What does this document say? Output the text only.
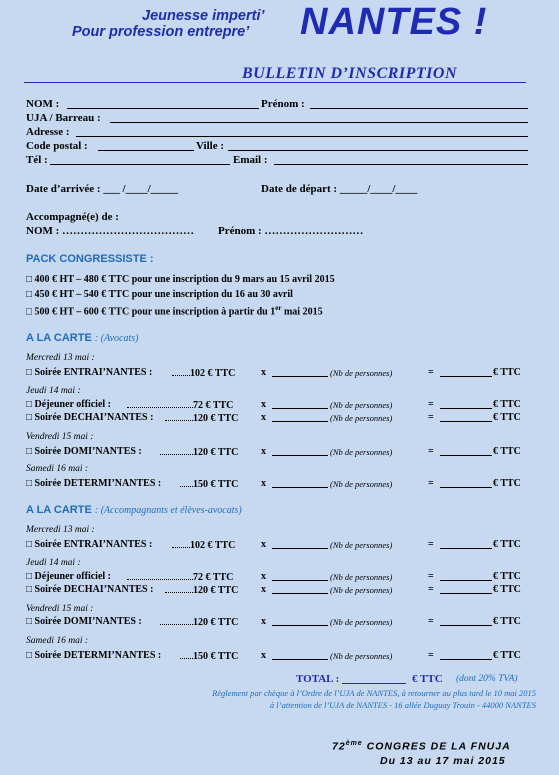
Jeunesse imperti’
Pour profession entrepre’ NANTES !
BULLETIN D’INSCRIPTION
NOM :	Prénom :
UJA / Barreau :
Adresse :
Code postal :	Ville :
Tél :	Email :
Date d’arrivée : ___ /____/_____	Date de départ : _____/____/____
Accompagné(e) de :
NOM : ……………………………… Prénom : ………………………
PACK CONGRESSISTE :
□ 400 € HT – 480 € TTC pour une inscription du 9 mars au 15 avril 2015
□ 450 € HT – 540 € TTC pour une inscription du 16 au 30 avril
□ 500 € HT – 600 € TTC pour une inscription à partir du 1er mai 2015
A LA CARTE : (Avocats)
Mercredi 13 mai :
□ Soirée ENTRAI’NANTES :	102 € TTC	x	(Nb de personnes)	=	€ TTC
Jeudi 14 mai :
□ Déjeuner officiel :	72 € TTC	x	(Nb de personnes)	=	€ TTC
□ Soirée DECHAI’NANTES :	120 € TTC x	(Nb de personnes)	=	€ TTC
Vendredi 15 mai :
□ Soirée DOMI’NANTES :	120 € TTC x	(Nb de personnes)	=	€ TTC
Samedi 16 mai :
□ Soirée DETERMI’NANTES :	150 € TTC x	(Nb de personnes)	=	€ TTC
A LA CARTE : (Accompagnants et élèves-avocats)
Mercredi 13 mai :
□ Soirée ENTRAI’NANTES :	102 € TTC	x	(Nb de personnes)	=	€ TTC
Jeudi 14 mai :
□ Déjeuner officiel :	72 € TTC	x	(Nb de personnes)	=	€ TTC
□ Soirée DECHAI’NANTES :	120 € TTC x	(Nb de personnes)	=	€ TTC
Vendredi 15 mai :
□ Soirée DOMI’NANTES :	120 € TTC x	(Nb de personnes)	=	€ TTC
Samedi 16 mai :
□ Soirée DETERMI’NANTES :	150 € TTC x	(Nb de personnes)	=	€ TTC
TOTAL :	€ TTC (dont 20% TVA)
Règlement par chèque à l’Ordre de l’UJA de NANTES, à retourner au plus tard le 10 mai 2015
à l’attention de l’UJA de NANTES - 16 allée Duguay Trouin - 44000 NANTES
72ème CONGRES DE LA FNUJA
Du 13 au 17 mai 2015
